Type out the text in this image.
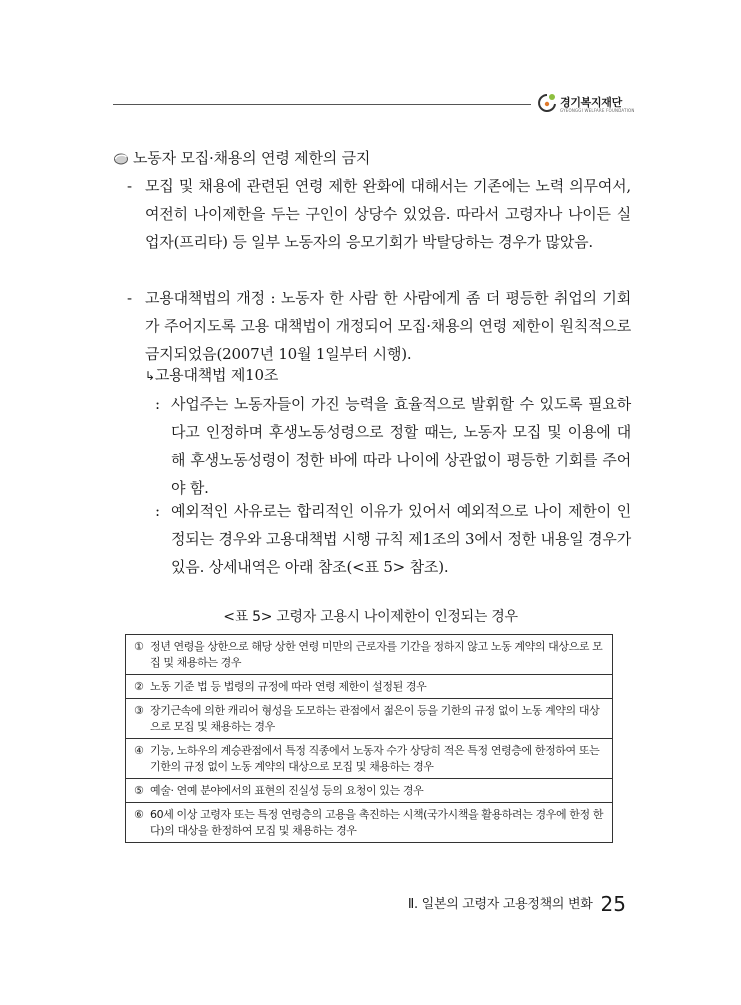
경기복지재단
GYEONGGI WELFARE FOUNDATION
노동자 모집·채용의 연령 제한의 금지
- 모집 및 채용에 관련된 연령 제한 완화에 대해서는 기존에는 노력 의무여서, 여전히 나이제한을 두는 구인이 상당수 있었음. 따라서 고령자나 나이든 실업자(프리타) 등 일부 노동자의 응모기회가 박탈당하는 경우가 많았음.
- 고용대책법의 개정 : 노동자 한 사람 한 사람에게 좀 더 평등한 취업의 기회가 주어지도록 고용 대책법이 개정되어 모집·채용의 연령 제한이 원칙적으로 금지되었음(2007년 10월 1일부터 시행).
↳고용대책법 제10조
: 사업주는 노동자들이 가진 능력을 효율적으로 발휘할 수 있도록 필요하다고 인정하며 후생노동성령으로 정할 때는, 노동자 모집 및 이용에 대해 후생노동성령이 정한 바에 따라 나이에 상관없이 평등한 기회를 주어야 함.
: 예외적인 사유로는 합리적인 이유가 있어서 예외적으로 나이 제한이 인정되는 경우와 고용대책법 시행 규칙 제1조의 3에서 정한 내용일 경우가 있음. 상세내역은 아래 참조(<표 5> 참조).
<표 5> 고령자 고용시 나이제한이 인정되는 경우
① 정년 연령을 상한으로 해당 상한 연령 미만의 근로자를 기간을 정하지 않고 노동 계약의 대상으로 모집 및 채용하는 경우
② 노동 기준 법 등 법령의 규정에 따라 연령 제한이 설정된 경우
③ 장기근속에 의한 캐리어 형성을 도모하는 관점에서 젊은이 등을 기한의 규정 없이 노동 계약의 대상으로 모집 및 채용하는 경우
④ 기능, 노하우의 계승관점에서 특정 직종에서 노동자 수가 상당히 적은 특정 연령층에 한정하여 또는 기한의 규정 없이 노동 계약의 대상으로 모집 및 채용하는 경우
⑤ 예술· 연예 분야에서의 표현의 진실성 등의 요청이 있는 경우
⑥ 60세 이상 고령자 또는 특정 연령층의 고용을 촉진하는 시책(국가시책을 활용하려는 경우에 한정 한다)의 대상을 한정하여 모집 및 채용하는 경우
Ⅱ. 일본의 고령자 고용정책의 변화 25
